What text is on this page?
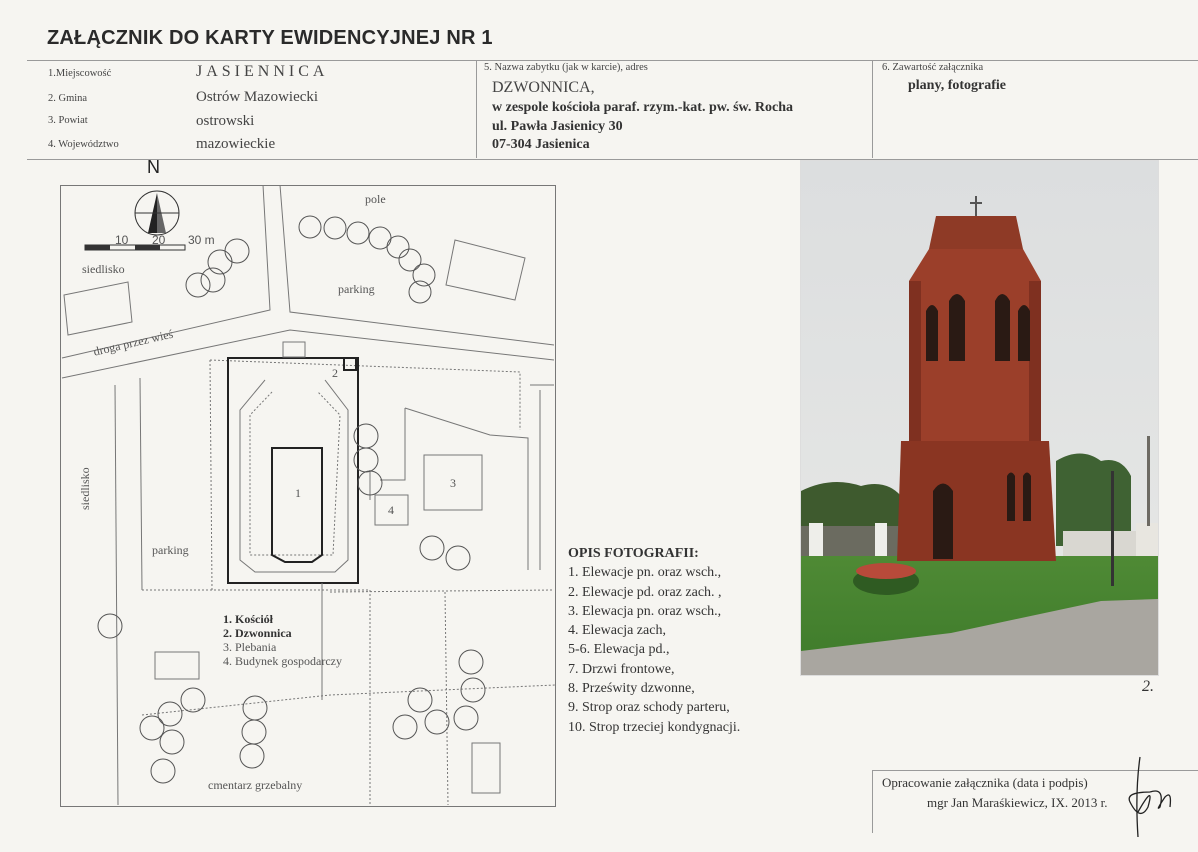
ZAŁĄCZNIK DO KARTY EWIDENCYJNEJ NR 1
1.Miejscowość	JASIENNICA
2. Gmina	Ostrów Mazowiecki
3. Powiat	ostrowski
4. Województwo	mazowieckie
5. Nazwa zabytku (jak w karcie), adres
DZWONNICA,
w zespole kościoła paraf. rzym.-kat. pw. św. Rocha
ul. Pawła Jasienicy 30
07-304 Jasienica
6. Zawartość załącznika
plany, fotografie
N
10 20 30 m
siedlisko
pole
parking
droga przez wieś
siedlisko
parking
cmentarz grzebalny
1
2
3
4
1. Kościół
2. Dzwonnica
3. Plebania
4. Budynek gospodarczy
2.
OPIS FOTOGRAFII:
1. Elewacje pn. oraz wsch.,
2. Elewacje pd. oraz zach. ,
3. Elewacja pn. oraz wsch.,
4. Elewacja zach,
5-6. Elewacja pd.,
7. Drzwi frontowe,
8. Prześwity dzwonne,
9. Strop oraz schody parteru,
10. Strop trzeciej kondygnacji.
Opracowanie załącznika (data i podpis)
mgr Jan Maraśkiewicz, IX. 2013 r.
